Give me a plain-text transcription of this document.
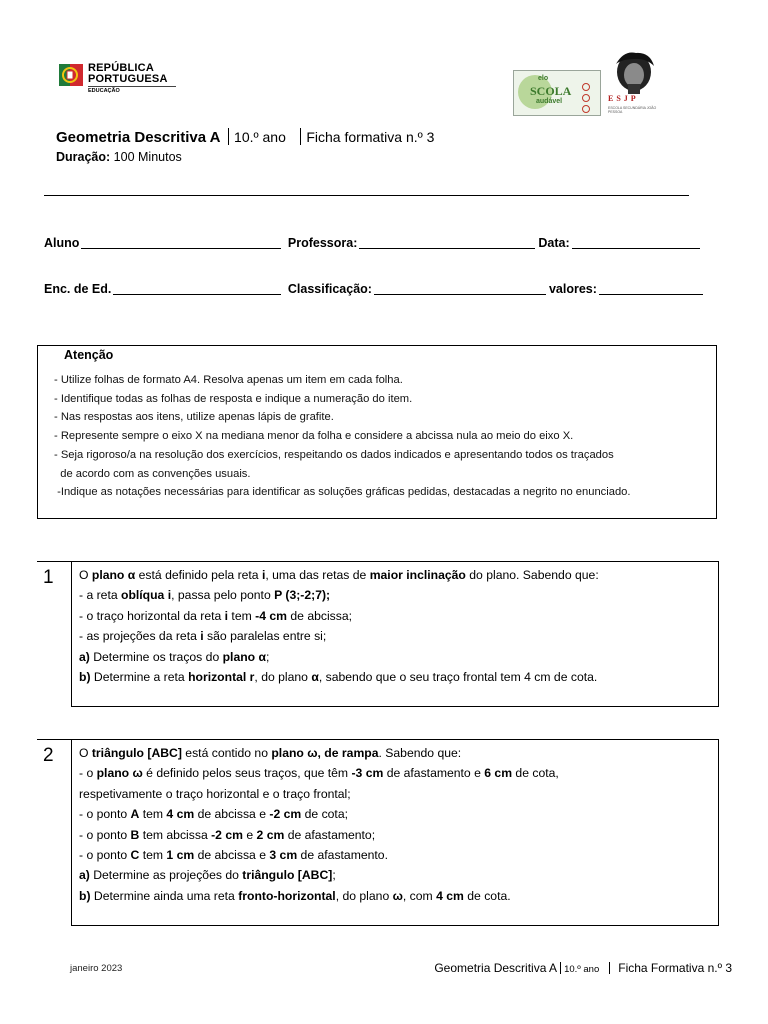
REPÚBLICA
PORTUGUESA
EDUCAÇÃO
elo
SCOLA
audável	ESJP
ESCOLA SECUNDÁRIA JOÃO PESSOA
Geometria Descritiva A 10.º ano Ficha formativa n.º 3
Duração: 100 Minutos
Aluno	Professora:	Data:
Enc. de Ed.	Classificação:	valores:
Atenção
- Utilize folhas de formato A4. Resolva apenas um item em cada folha.
- Identifique todas as folhas de resposta e indique a numeração do item.
- Nas respostas aos itens, utilize apenas lápis de grafite.
- Represente sempre o eixo X na mediana menor da folha e considere a abcissa nula ao meio do eixo X.
- Seja rigoroso/a na resolução dos exercícios, respeitando os dados indicados e apresentando todos os traçados
de acordo com as convenções usuais.
-Indique as notações necessárias para identificar as soluções gráficas pedidas, destacadas a negrito no enunciado.
1 O plano α está definido pela reta i, uma das retas de maior inclinação do plano. Sabendo que:
- a reta oblíqua i, passa pelo ponto P (3;-2;7);
- o traço horizontal da reta i tem -4 cm de abcissa;
- as projeções da reta i são paralelas entre si;
a) Determine os traços do plano α;
b) Determine a reta horizontal r, do plano α, sabendo que o seu traço frontal tem 4 cm de cota.
2 O triângulo [ABC] está contido no plano ω, de rampa. Sabendo que:
- o plano ω é definido pelos seus traços, que têm -3 cm de afastamento e 6 cm de cota,
respetivamente o traço horizontal e o traço frontal;
- o ponto A tem 4 cm de abcissa e -2 cm de cota;
- o ponto B tem abcissa -2 cm e 2 cm de afastamento;
- o ponto C tem 1 cm de abcissa e 3 cm de afastamento.
a) Determine as projeções do triângulo [ABC];
b) Determine ainda uma reta fronto-horizontal, do plano ω, com 4 cm de cota.
janeiro 2023	Geometria Descritiva A 10.º ano Ficha Formativa n.º 3
